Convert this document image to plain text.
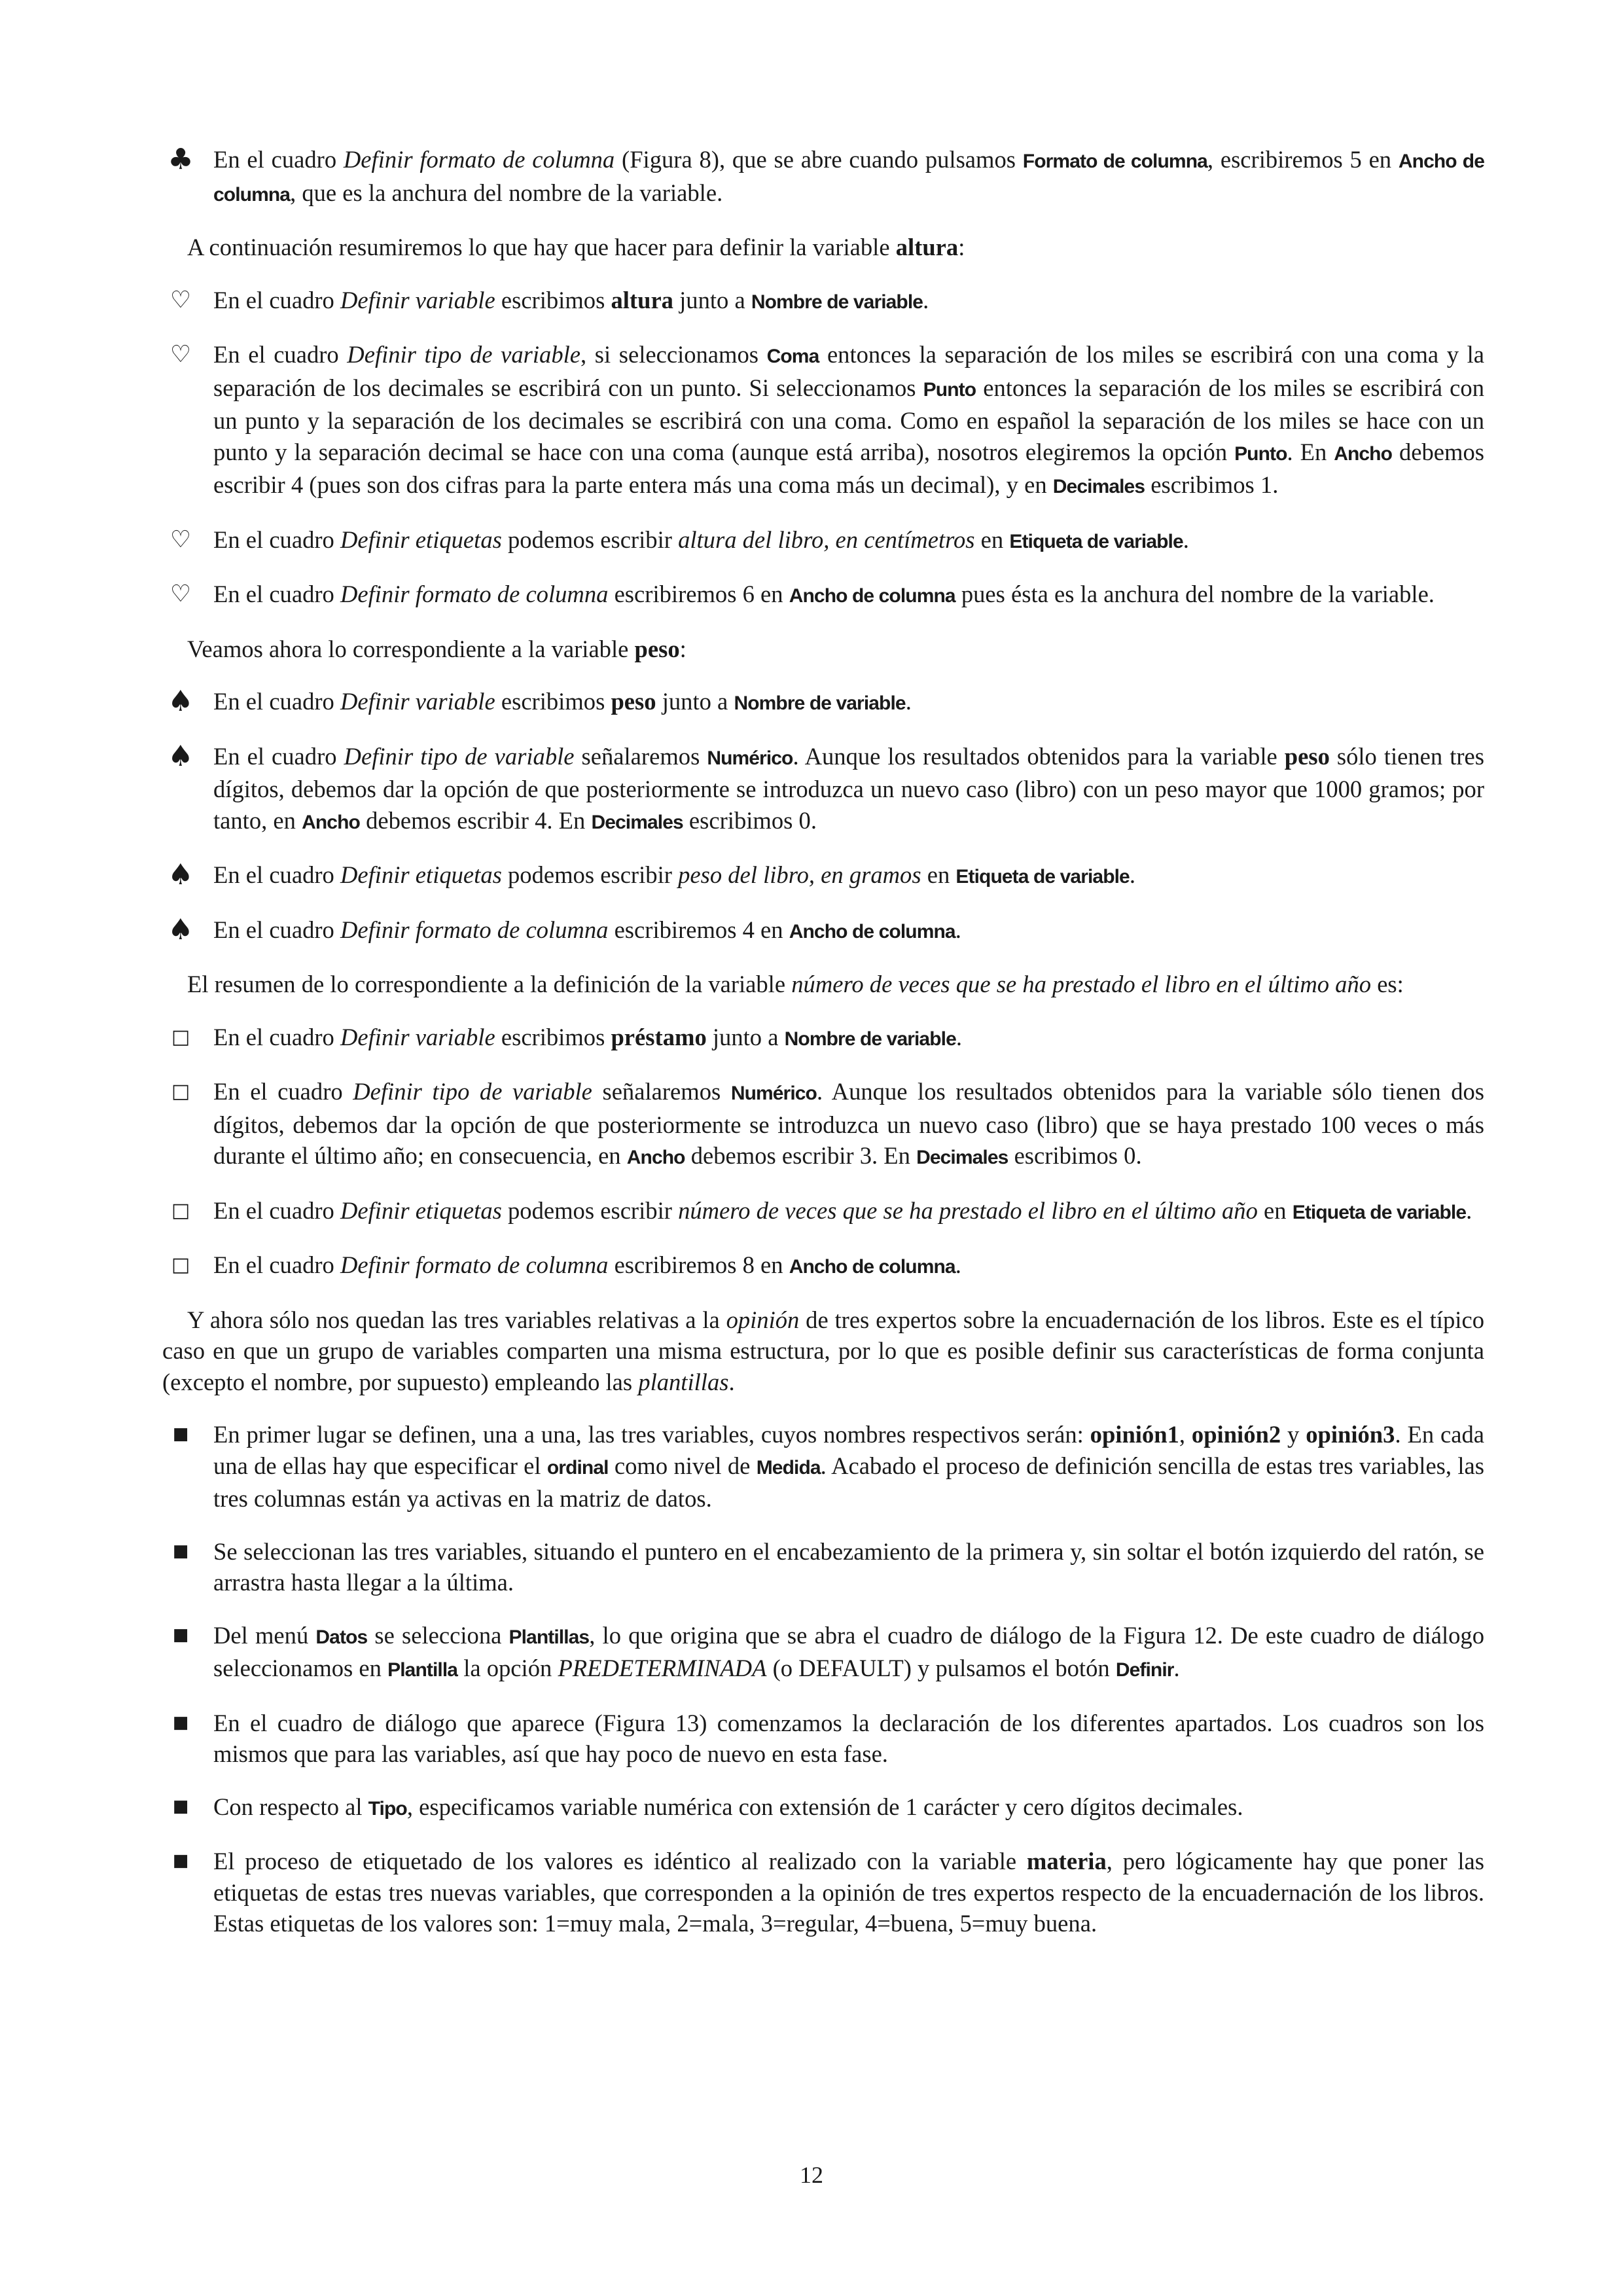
♣ En el cuadro Definir formato de columna (Figura 8), que se abre cuando pulsamos Formato de columna, escribiremos 5 en Ancho de columna, que es la anchura del nombre de la variable.
A continuación resumiremos lo que hay que hacer para definir la variable altura:
♡ En el cuadro Definir variable escribimos altura junto a Nombre de variable.
♡ En el cuadro Definir tipo de variable, si seleccionamos Coma entonces la separación de los miles se escribirá con una coma y la separación de los decimales se escribirá con un punto. Si seleccionamos Punto entonces la separación de los miles se escribirá con un punto y la separación de los decimales se escribirá con una coma. Como en español la separación de los miles se hace con un punto y la separación decimal se hace con una coma (aunque está arriba), nosotros elegiremos la opción Punto. En Ancho debemos escribir 4 (pues son dos cifras para la parte entera más una coma más un decimal), y en Decimales escribimos 1.
♡ En el cuadro Definir etiquetas podemos escribir altura del libro, en centímetros en Etiqueta de variable.
♡ En el cuadro Definir formato de columna escribiremos 6 en Ancho de columna pues ésta es la anchura del nombre de la variable.
Veamos ahora lo correspondiente a la variable peso:
♠ En el cuadro Definir variable escribimos peso junto a Nombre de variable.
♠ En el cuadro Definir tipo de variable señalaremos Numérico. Aunque los resultados obtenidos para la variable peso sólo tienen tres dígitos, debemos dar la opción de que posteriormente se introduzca un nuevo caso (libro) con un peso mayor que 1000 gramos; por tanto, en Ancho debemos escribir 4. En Decimales escribimos 0.
♠ En el cuadro Definir etiquetas podemos escribir peso del libro, en gramos en Etiqueta de variable.
♠ En el cuadro Definir formato de columna escribiremos 4 en Ancho de columna.
El resumen de lo correspondiente a la definición de la variable número de veces que se ha prestado el libro en el último año es:
□ En el cuadro Definir variable escribimos préstamo junto a Nombre de variable.
□ En el cuadro Definir tipo de variable señalaremos Numérico. Aunque los resultados obtenidos para la variable sólo tienen dos dígitos, debemos dar la opción de que posteriormente se introduzca un nuevo caso (libro) que se haya prestado 100 veces o más durante el último año; en consecuencia, en Ancho debemos escribir 3. En Decimales escribimos 0.
□ En el cuadro Definir etiquetas podemos escribir número de veces que se ha prestado el libro en el último año en Etiqueta de variable.
□ En el cuadro Definir formato de columna escribiremos 8 en Ancho de columna.
Y ahora sólo nos quedan las tres variables relativas a la opinión de tres expertos sobre la encuadernación de los libros. Este es el típico caso en que un grupo de variables comparten una misma estructura, por lo que es posible definir sus características de forma conjunta (excepto el nombre, por supuesto) empleando las plantillas.
■	En primer lugar se definen, una a una, las tres variables, cuyos nombres respectivos serán: opinión1, opinión2 y opinión3. En cada una de ellas hay que especificar el ordinal como nivel de Medida. Acabado el proceso de definición sencilla de estas tres variables, las tres columnas están ya activas en la matriz de datos.
■	Se seleccionan las tres variables, situando el puntero en el encabezamiento de la primera y, sin soltar el botón izquierdo del ratón, se arrastra hasta llegar a la última.
■	Del menú Datos se selecciona Plantillas, lo que origina que se abra el cuadro de diálogo de la Figura 12. De este cuadro de diálogo seleccionamos en Plantilla la opción PREDETERMINADA (o DEFAULT) y pulsamos el botón Definir.
■	En el cuadro de diálogo que aparece (Figura 13) comenzamos la declaración de los diferentes apartados. Los cuadros son los mismos que para las variables, así que hay poco de nuevo en esta fase.
■	Con respecto al Tipo, especificamos variable numérica con extensión de 1 carácter y cero dígitos decimales.
■	El proceso de etiquetado de los valores es idéntico al realizado con la variable materia, pero lógicamente hay que poner las etiquetas de estas tres nuevas variables, que corresponden a la opinión de tres expertos respecto de la encuadernación de los libros. Estas etiquetas de los valores son: 1=muy mala, 2=mala, 3=regular, 4=buena, 5=muy buena.
12
